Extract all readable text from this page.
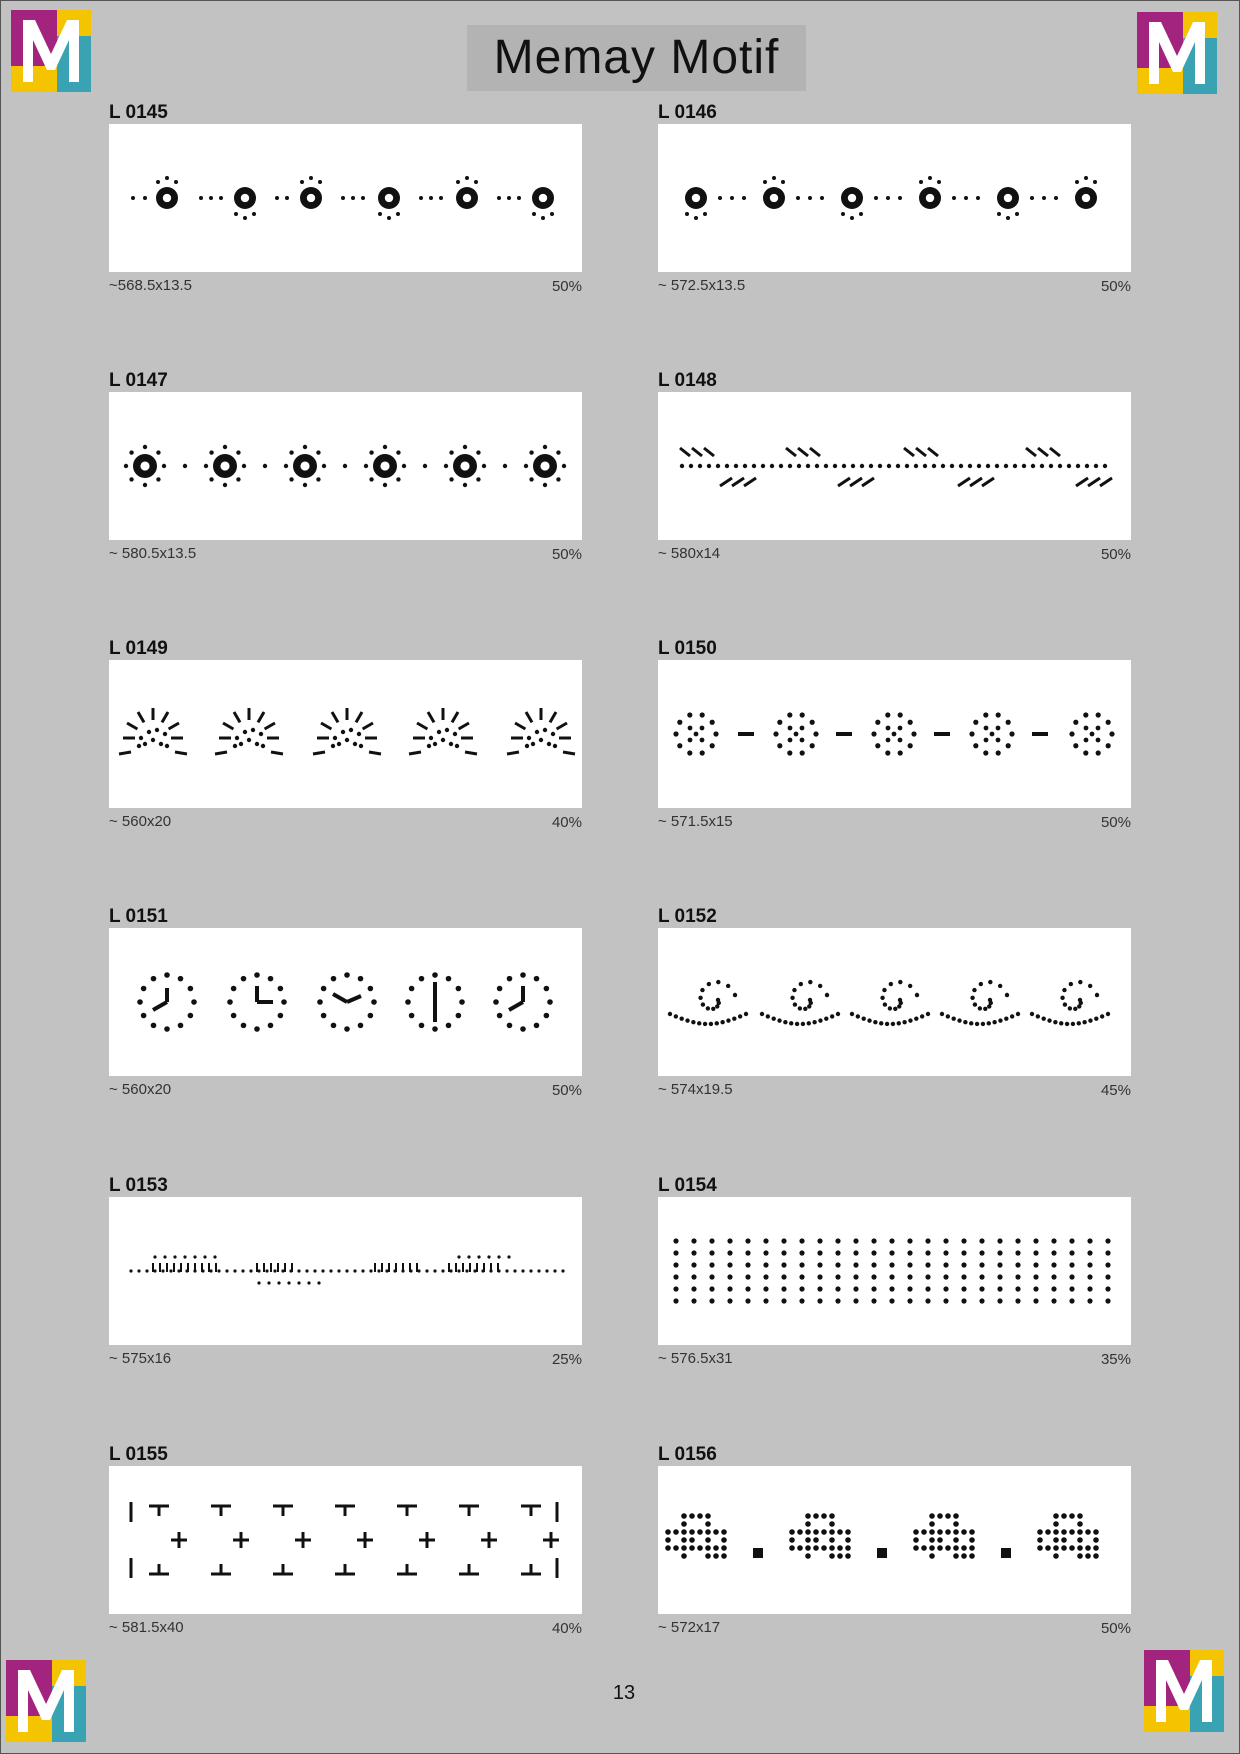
Memay Motif
L 0145
~568.5x13.5	50%
L 0146
~ 572.5x13.5	50%
L 0147
~ 580.5x13.5	50%
L 0148
~ 580x14	50%
L 0149
~ 560x20	40%
L 0150
~ 571.5x15	50%
L 0151
~ 560x20	50%
L 0152
~ 574x19.5	45%
L 0153
~ 575x16	25%
L 0154
~ 576.5x31	35%
L 0155
~ 581.5x40	40%
L 0156
~ 572x17	50%
13
